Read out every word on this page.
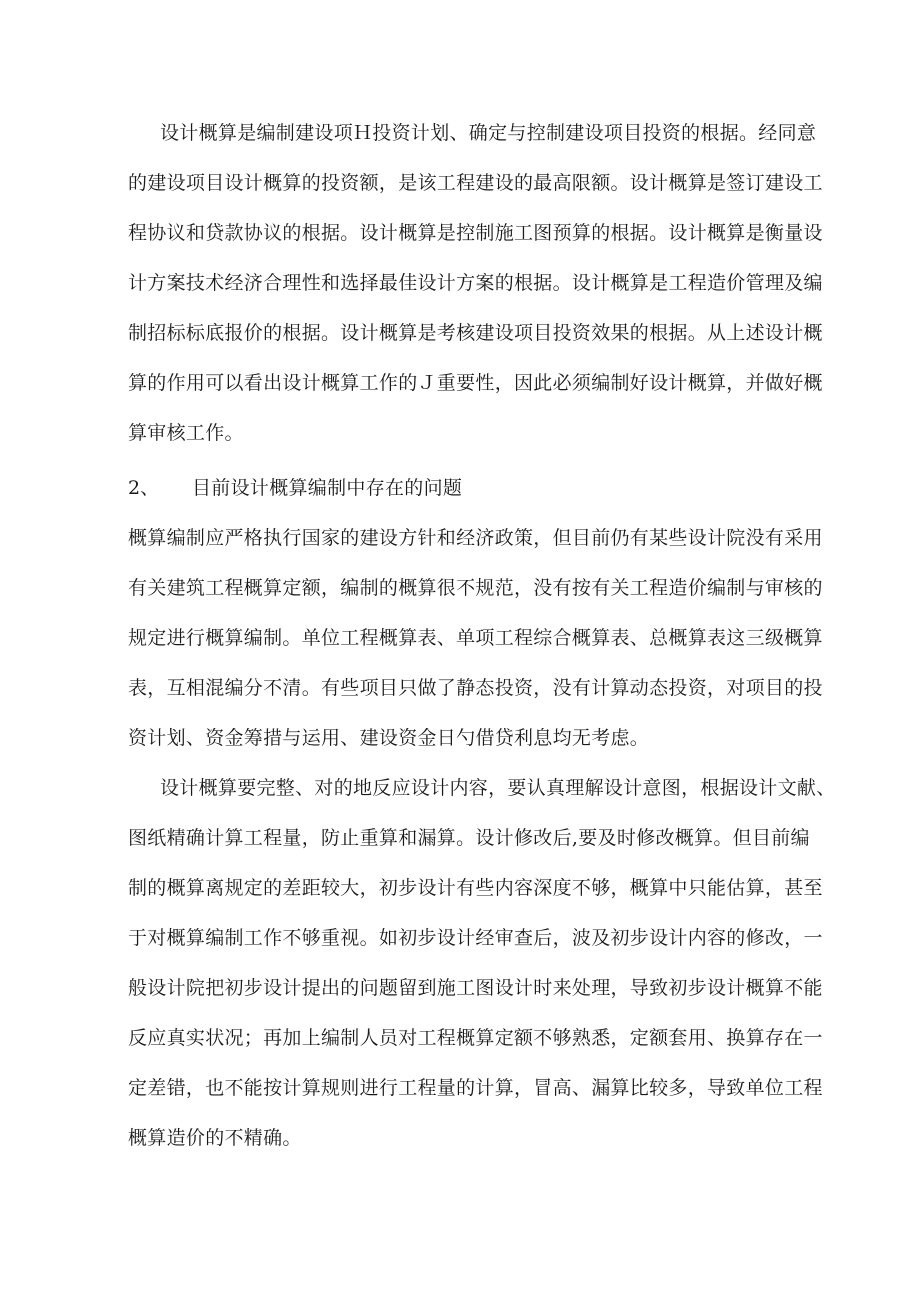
设计概算是编制建设项Ｈ投资计划、确定与控制建设项目投资的根据。经同意
的建设项目设计概算的投资额，是该工程建设的最高限额。设计概算是签订建设工
程协议和贷款协议的根据。设计概算是控制施工图预算的根据。设计概算是衡量设
计方案技术经济合理性和选择最佳设计方案的根据。设计概算是工程造价管理及编
制招标标底报价的根据。设计概算是考核建设项目投资效果的根据。从上述设计概
算的作用可以看出设计概算工作的Ｊ重要性，因此必须编制好设计概算，并做好概
算审核工作。
2、 目前设计概算编制中存在的问题
概算编制应严格执行国家的建设方针和经济政策，但目前仍有某些设计院没有采用
有关建筑工程概算定额，编制的概算很不规范，没有按有关工程造价编制与审核的
规定进行概算编制。单位工程概算表、单项工程综合概算表、总概算表这三级概算
表，互相混编分不清。有些项目只做了静态投资，没有计算动态投资，对项目的投
资计划、资金筹措与运用、建设资金日勺借贷利息均无考虑。
设计概算要完整、对的地反应设计内容，要认真理解设计意图，根据设计文献、
图纸精确计算工程量，防止重算和漏算。设计修改后,要及时修改概算。但目前编
制的概算离规定的差距较大，初步设计有些内容深度不够，概算中只能估算，甚至
于对概算编制工作不够重视。如初步设计经审查后，波及初步设计内容的修改，一
般设计院把初步设计提出的问题留到施工图设计时来处理，导致初步设计概算不能
反应真实状况；再加上编制人员对工程概算定额不够熟悉，定额套用、换算存在一
定差错，也不能按计算规则进行工程量的计算，冒高、漏算比较多，导致单位工程
概算造价的不精确。
